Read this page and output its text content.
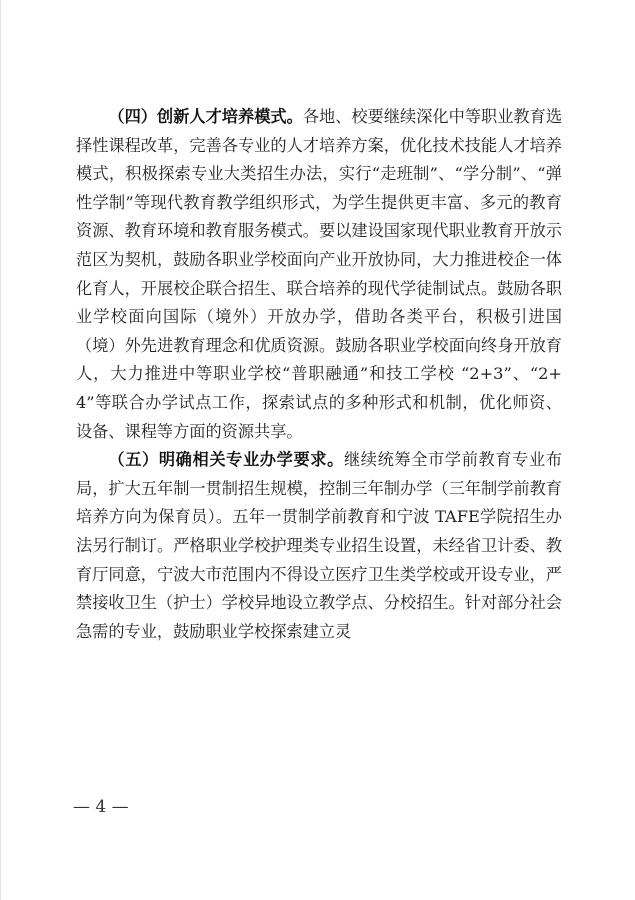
（四）创新人才培养模式。各地、校要继续深化中等职业教育选择性课程改革，完善各专业的人才培养方案，优化技术技能人才培养模式，积极探索专业大类招生办法，实行“走班制”、“学分制”、“弹性学制”等现代教育教学组织形式，为学生提供更丰富、多元的教育资源、教育环境和教育服务模式。要以建设国家现代职业教育开放示范区为契机，鼓励各职业学校面向产业开放协同，大力推进校企一体化育人，开展校企联合招生、联合培养的现代学徒制试点。鼓励各职业学校面向国际（境外）开放办学，借助各类平台，积极引进国（境）外先进教育理念和优质资源。鼓励各职业学校面向终身开放育人，大力推进中等职业学校“普职融通”和技工学校 “2+3”、“2+4”等联合办学试点工作，探索试点的多种形式和机制，优化师资、设备、课程等方面的资源共享。

（五）明确相关专业办学要求。继续统筹全市学前教育专业布局，扩大五年制一贯制招生规模，控制三年制办学（三年制学前教育培养方向为保育员）。五年一贯制学前教育和宁波 TAFE学院招生办法另行制订。严格职业学校护理类专业招生设置，未经省卫计委、教育厅同意，宁波大市范围内不得设立医疗卫生类学校或开设专业，严禁接收卫生（护士）学校异地设立教学点、分校招生。针对部分社会急需的专业，鼓励职业学校探索建立灵

— 4 —
